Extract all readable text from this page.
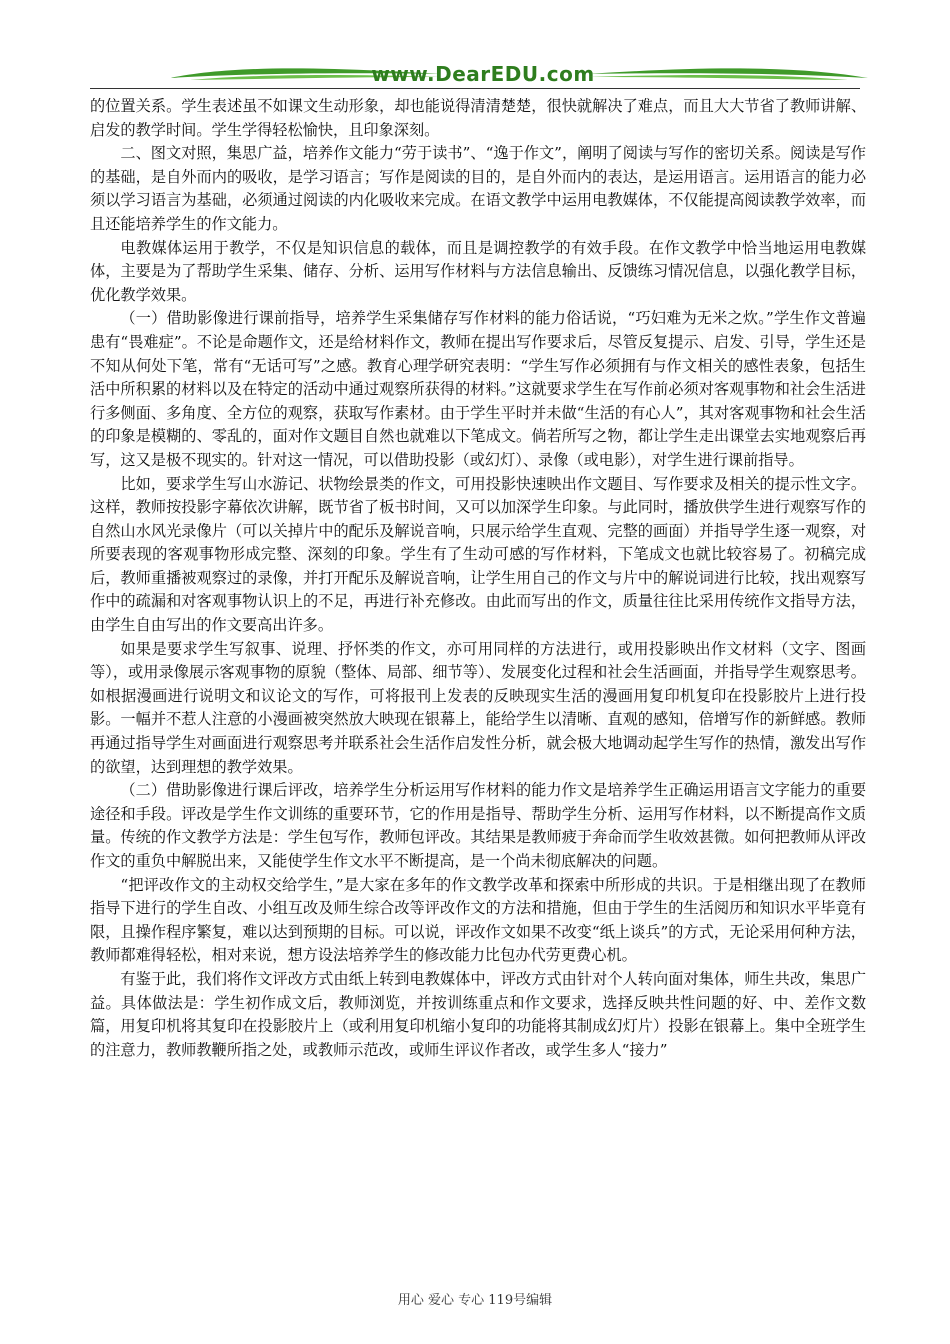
www.DearEDU.com

的位置关系。学生表述虽不如课文生动形象，却也能说得清清楚楚，很快就解决了难点，而且大大节省了教师讲解、启发的教学时间。学生学得轻松愉快，且印象深刻。

二、图文对照，集思广益，培养作文能力“劳于读书”、“逸于作文”，阐明了阅读与写作的密切关系。阅读是写作的基础，是自外而内的吸收，是学习语言；写作是阅读的目的，是自外而内的表达，是运用语言。运用语言的能力必须以学习语言为基础，必须通过阅读的内化吸收来完成。在语文教学中运用电教媒体，不仅能提高阅读教学效率，而且还能培养学生的作文能力。

电教媒体运用于教学，不仅是知识信息的载体，而且是调控教学的有效手段。在作文教学中恰当地运用电教媒体，主要是为了帮助学生采集、储存、分析、运用写作材料与方法信息输出、反馈练习情况信息，以强化教学目标，优化教学效果。

（一）借助影像进行课前指导，培养学生采集储存写作材料的能力俗话说，“巧妇难为无米之炊。”学生作文普遍患有“畏难症”。不论是命题作文，还是给材料作文，教师在提出写作要求后，尽管反复提示、启发、引导，学生还是不知从何处下笔，常有“无话可写”之感。教育心理学研究表明：“学生写作必须拥有与作文相关的感性表象，包括生活中所积累的材料以及在特定的活动中通过观察所获得的材料。”这就要求学生在写作前必须对客观事物和社会生活进行多侧面、多角度、全方位的观察，获取写作素材。由于学生平时并未做“生活的有心人”，其对客观事物和社会生活的印象是模糊的、零乱的，面对作文题目自然也就难以下笔成文。倘若所写之物，都让学生走出课堂去实地观察后再写，这又是极不现实的。针对这一情况，可以借助投影（或幻灯）、录像（或电影），对学生进行课前指导。

比如，要求学生写山水游记、状物绘景类的作文，可用投影快速映出作文题目、写作要求及相关的提示性文字。这样，教师按投影字幕依次讲解，既节省了板书时间，又可以加深学生印象。与此同时，播放供学生进行观察写作的自然山水风光录像片（可以关掉片中的配乐及解说音响，只展示给学生直观、完整的画面）并指导学生逐一观察，对所要表现的客观事物形成完整、深刻的印象。学生有了生动可感的写作材料，下笔成文也就比较容易了。初稿完成后，教师重播被观察过的录像，并打开配乐及解说音响，让学生用自己的作文与片中的解说词进行比较，找出观察写作中的疏漏和对客观事物认识上的不足，再进行补充修改。由此而写出的作文，质量往往比采用传统作文指导方法，由学生自由写出的作文要高出许多。

如果是要求学生写叙事、说理、抒怀类的作文，亦可用同样的方法进行，或用投影映出作文材料（文字、图画等），或用录像展示客观事物的原貌（整体、局部、细节等）、发展变化过程和社会生活画面，并指导学生观察思考。如根据漫画进行说明文和议论文的写作，可将报刊上发表的反映现实生活的漫画用复印机复印在投影胶片上进行投影。一幅并不惹人注意的小漫画被突然放大映现在银幕上，能给学生以清晰、直观的感知，倍增写作的新鲜感。教师再通过指导学生对画面进行观察思考并联系社会生活作启发性分析，就会极大地调动起学生写作的热情，激发出写作的欲望，达到理想的教学效果。

（二）借助影像进行课后评改，培养学生分析运用写作材料的能力作文是培养学生正确运用语言文字能力的重要途径和手段。评改是学生作文训练的重要环节，它的作用是指导、帮助学生分析、运用写作材料，以不断提高作文质量。传统的作文教学方法是：学生包写作，教师包评改。其结果是教师疲于奔命而学生收效甚微。如何把教师从评改作文的重负中解脱出来，又能使学生作文水平不断提高，是一个尚未彻底解决的问题。

“把评改作文的主动权交给学生，”是大家在多年的作文教学改革和探索中所形成的共识。于是相继出现了在教师指导下进行的学生自改、小组互改及师生综合改等评改作文的方法和措施，但由于学生的生活阅历和知识水平毕竟有限，且操作程序繁复，难以达到预期的目标。可以说，评改作文如果不改变“纸上谈兵”的方式，无论采用何种方法，教师都难得轻松，相对来说，想方设法培养学生的修改能力比包办代劳更费心机。

有鉴于此，我们将作文评改方式由纸上转到电教媒体中，评改方式由针对个人转向面对集体，师生共改，集思广益。具体做法是：学生初作成文后，教师浏览，并按训练重点和作文要求，选择反映共性问题的好、中、差作文数篇，用复印机将其复印在投影胶片上（或利用复印机缩小复印的功能将其制成幻灯片）投影在银幕上。集中全班学生的注意力，教师教鞭所指之处，或教师示范改，或师生评议作者改，或学生多人“接力”

用心 爱心 专心 119号编辑
